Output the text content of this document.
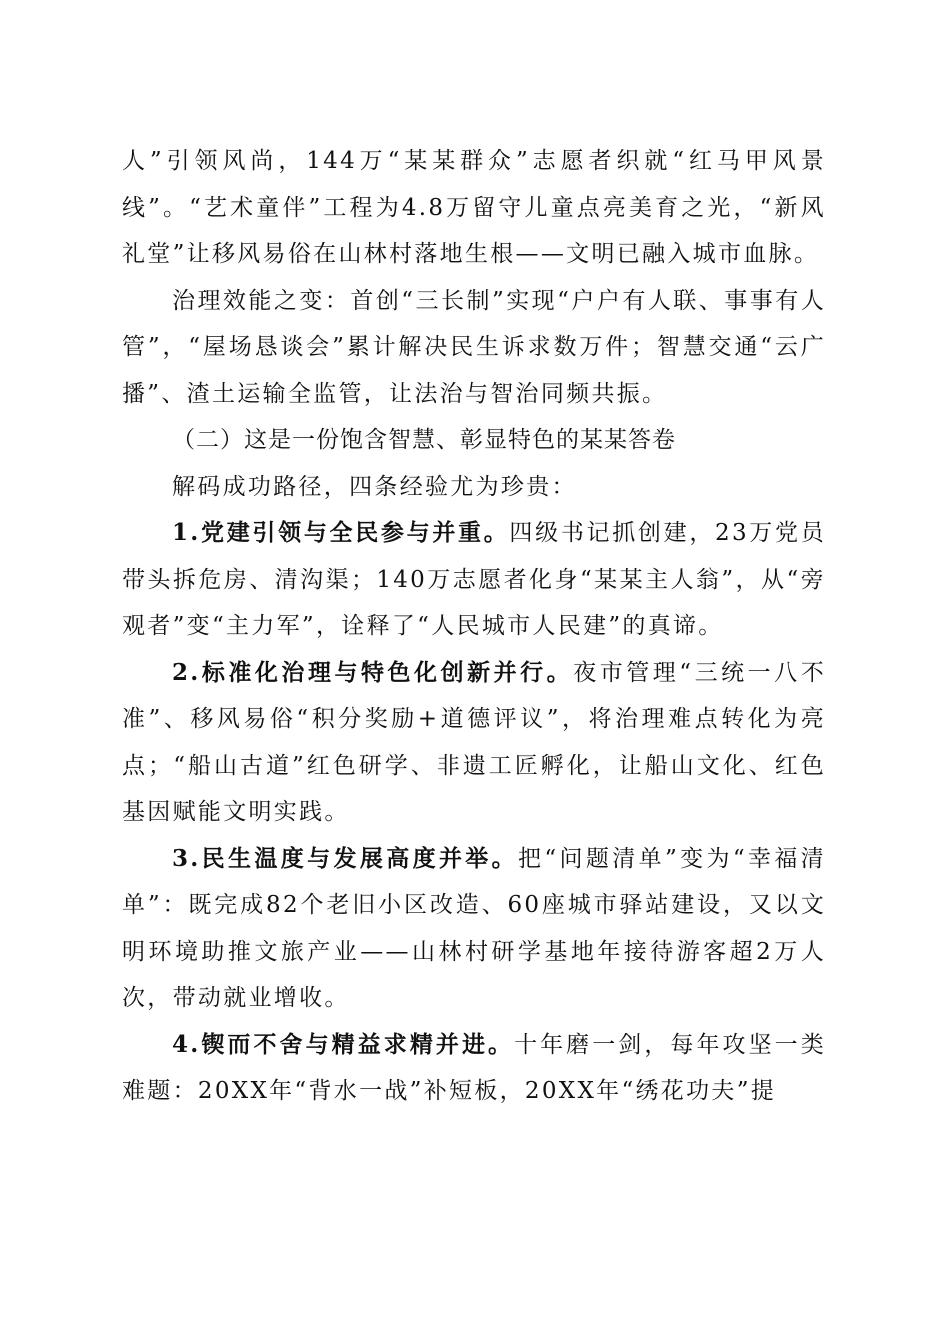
人”引领风尚，144万“某某群众”志愿者织就“红马甲风景线”。“艺术童伴”工程为4.8万留守儿童点亮美育之光，“新风礼堂”让移风易俗在山林村落地生根——文明已融入城市血脉。

治理效能之变：首创“三长制”实现“户户有人联、事事有人管”，“屋场恳谈会”累计解决民生诉求数万件；智慧交通“云广播”、渣土运输全监管，让法治与智治同频共振。

（二）这是一份饱含智慧、彰显特色的某某答卷

解码成功路径，四条经验尤为珍贵：

1.党建引领与全民参与并重。四级书记抓创建，23万党员带头拆危房、清沟渠；140万志愿者化身“某某主人翁”，从“旁观者”变“主力军”，诠释了“人民城市人民建”的真谛。

2.标准化治理与特色化创新并行。夜市管理“三统一八不准”、移风易俗“积分奖励+道德评议”，将治理难点转化为亮点；“船山古道”红色研学、非遗工匠孵化，让船山文化、红色基因赋能文明实践。

3.民生温度与发展高度并举。把“问题清单”变为“幸福清单”：既完成82个老旧小区改造、60座城市驿站建设，又以文明环境助推文旅产业——山林村研学基地年接待游客超2万人次，带动就业增收。

4.锲而不舍与精益求精并进。十年磨一剑，每年攻坚一类难题：20XX年“背水一战”补短板，20XX年“绣花功夫”提
